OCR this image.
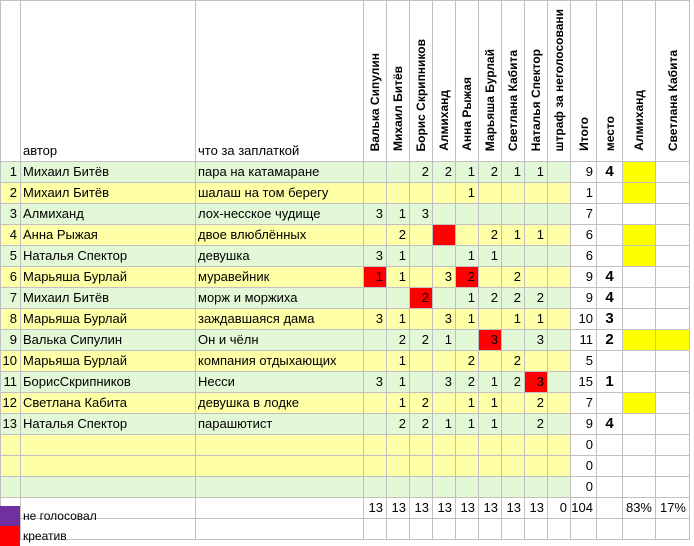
	автор	что за заплаткой	Валька Сипулин	Михаил Битёв	Борис Скрипников	Алмиханд	Анна Рыжая	Марьяша Бурлай	Светлана Кабита	Наталья Спектор	штраф за неголосовани	Итого	место	Алмиханд	Светлана Кабита
1	Михаил Битёв	пара на катамаране			2	2	1	2	1	1		9	4		
2	Михаил Битёв	шалаш на том берегу					1					1			
3	Алмиханд	лох-несское чудище	3	1	3							7			
4	Анна Рыжая	двое влюблённых		2				2	1	1		6			
5	Наталья Спектор	девушка	3	1			1	1				6			
6	Марьяша Бурлай	муравейник	1	1		3	2		2			9	4		
7	Михаил Битёв	морж и моржиха			2		1	2	2	2		9	4		
8	Марьяша Бурлай	заждавшаяся дама	3	1		3	1		1	1		10	3		
9	Валька Сипулин	Он и чёлн		2	2	1		3		3		11	2		
10	Марьяша Бурлай	компания отдыхающих		1			2		2			5			
11	БорисСкрипников	Несси	3	1		3	2	1	2	3		15	1		
12	Светлана Кабита	девушка в лодке		1	2		1	1		2		7			
13	Наталья Спектор	парашютист		2	2	1	1	1		2		9	4		
												0			
												0			
												0			
			13	13	13	13	13	13	13	13	0	104		83%	17%

не голосовал
креатив
